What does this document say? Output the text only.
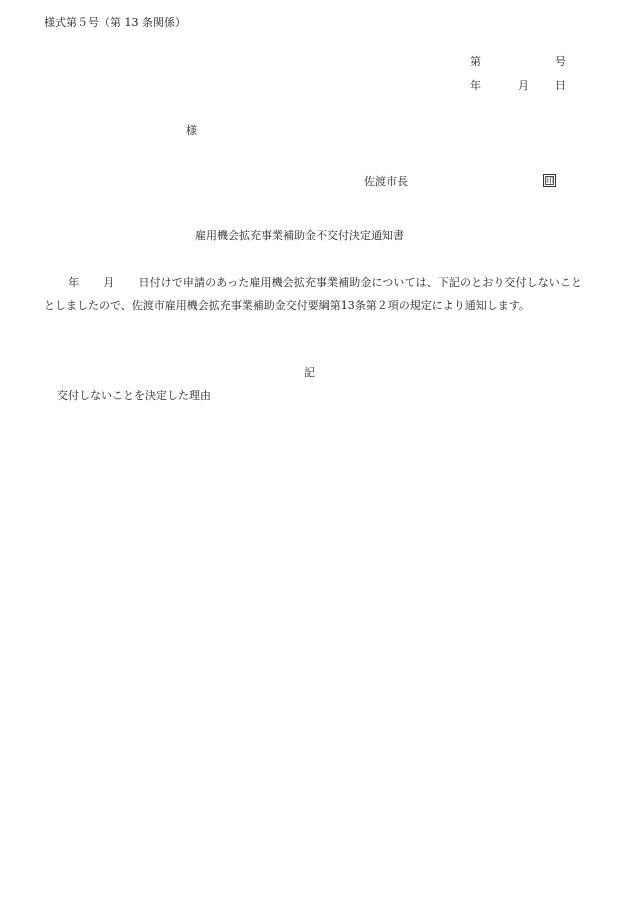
様式第５号（第 13 条関係）
第	号
年	月 日
様
佐渡市長	印
雇用機会拡充事業補助金不交付決定通知書
年 月 日付けで申請のあった雇用機会拡充事業補助金については、下記のとおり交付しないこととしましたので、佐渡市雇用機会拡充事業補助金交付要綱第13条第２項の規定により通知します。
記
交付しないことを決定した理由
